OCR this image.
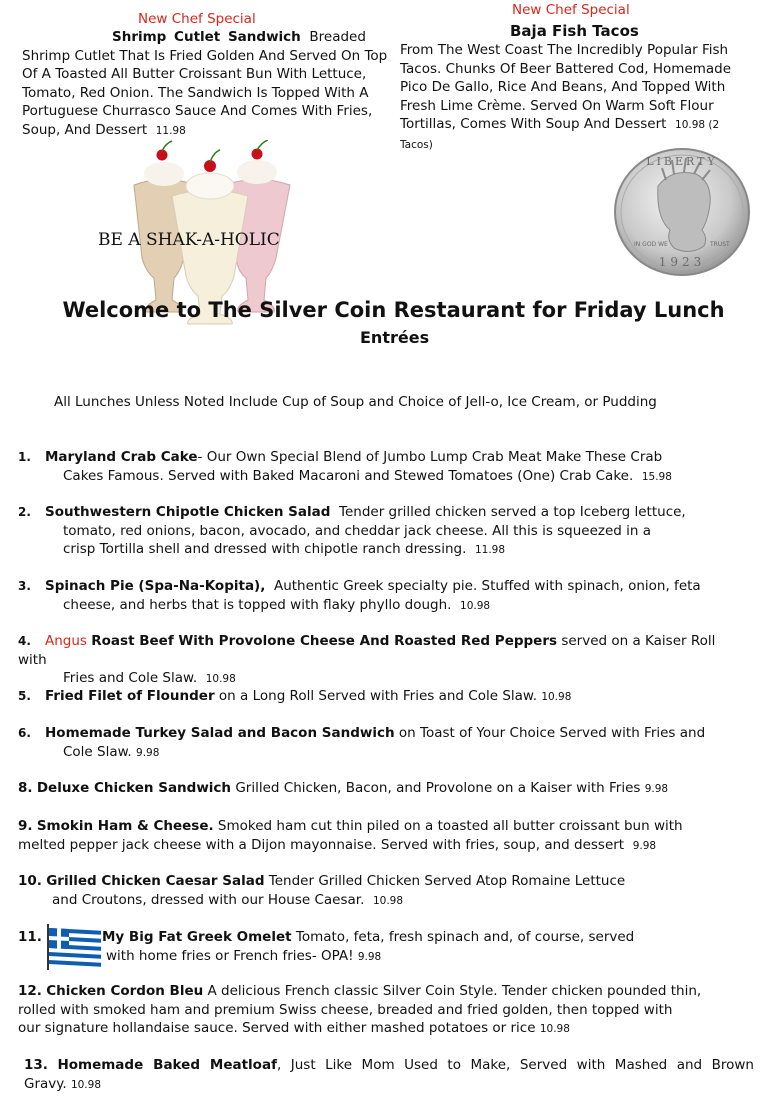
New Chef Special
Shrimp Cutlet Sandwich Breaded Shrimp Cutlet That Is Fried Golden And Served On Top Of A Toasted All Butter Croissant Bun With Lettuce, Tomato, Red Onion. The Sandwich Is Topped With A Portuguese Churrasco Sauce And Comes With Fries, Soup, And Dessert 11.98
New Chef Special
Baja Fish Tacos
From The West Coast The Incredibly Popular Fish Tacos. Chunks Of Beer Battered Cod, Homemade Pico De Gallo, Rice And Beans, And Topped With Fresh Lime Crème. Served On Warm Soft Flour Tortillas, Comes With Soup And Dessert 10.98 (2 Tacos)
BE A SHAK-A-HOLIC
LIBERTY
IN GOD WE	TRUST
1923
Welcome to The Silver Coin Restaurant for Friday Lunch
Entrées
All Lunches Unless Noted Include Cup of Soup and Choice of Jell-o, Ice Cream, or Pudding
1. Maryland Crab Cake- Our Own Special Blend of Jumbo Lump Crab Meat Make These Crab
Cakes Famous. Served with Baked Macaroni and Stewed Tomatoes (One) Crab Cake. 15.98
2. Southwestern Chipotle Chicken Salad Tender grilled chicken served a top Iceberg lettuce,
tomato, red onions, bacon, avocado, and cheddar jack cheese. All this is squeezed in a
crisp Tortilla shell and dressed with chipotle ranch dressing. 11.98
3. Spinach Pie (Spa-Na-Kopita), Authentic Greek specialty pie. Stuffed with spinach, onion, feta
cheese, and herbs that is topped with flaky phyllo dough. 10.98
4. Angus Roast Beef With Provolone Cheese And Roasted Red Peppers served on a Kaiser Roll with
Fries and Cole Slaw. 10.98
5. Fried Filet of Flounder on a Long Roll Served with Fries and Cole Slaw. 10.98
6. Homemade Turkey Salad and Bacon Sandwich on Toast of Your Choice Served with Fries and
Cole Slaw. 9.98
8. Deluxe Chicken Sandwich Grilled Chicken, Bacon, and Provolone on a Kaiser with Fries 9.98
9. Smokin Ham & Cheese. Smoked ham cut thin piled on a toasted all butter croissant bun with
melted pepper jack cheese with a Dijon mayonnaise. Served with fries, soup, and dessert 9.98
10. Grilled Chicken Caesar Salad Tender Grilled Chicken Served Atop Romaine Lettuce
and Croutons, dressed with our House Caesar. 10.98
11.	My Big Fat Greek Omelet Tomato, feta, fresh spinach and, of course, served
with home fries or French fries- OPA! 9.98
12. Chicken Cordon Bleu A delicious French classic Silver Coin Style. Tender chicken pounded thin,
rolled with smoked ham and premium Swiss cheese, breaded and fried golden, then topped with
our signature hollandaise sauce. Served with either mashed potatoes or rice 10.98
13. Homemade Baked Meatloaf, Just Like Mom Used to Make, Served with Mashed and Brown
Gravy. 10.98
